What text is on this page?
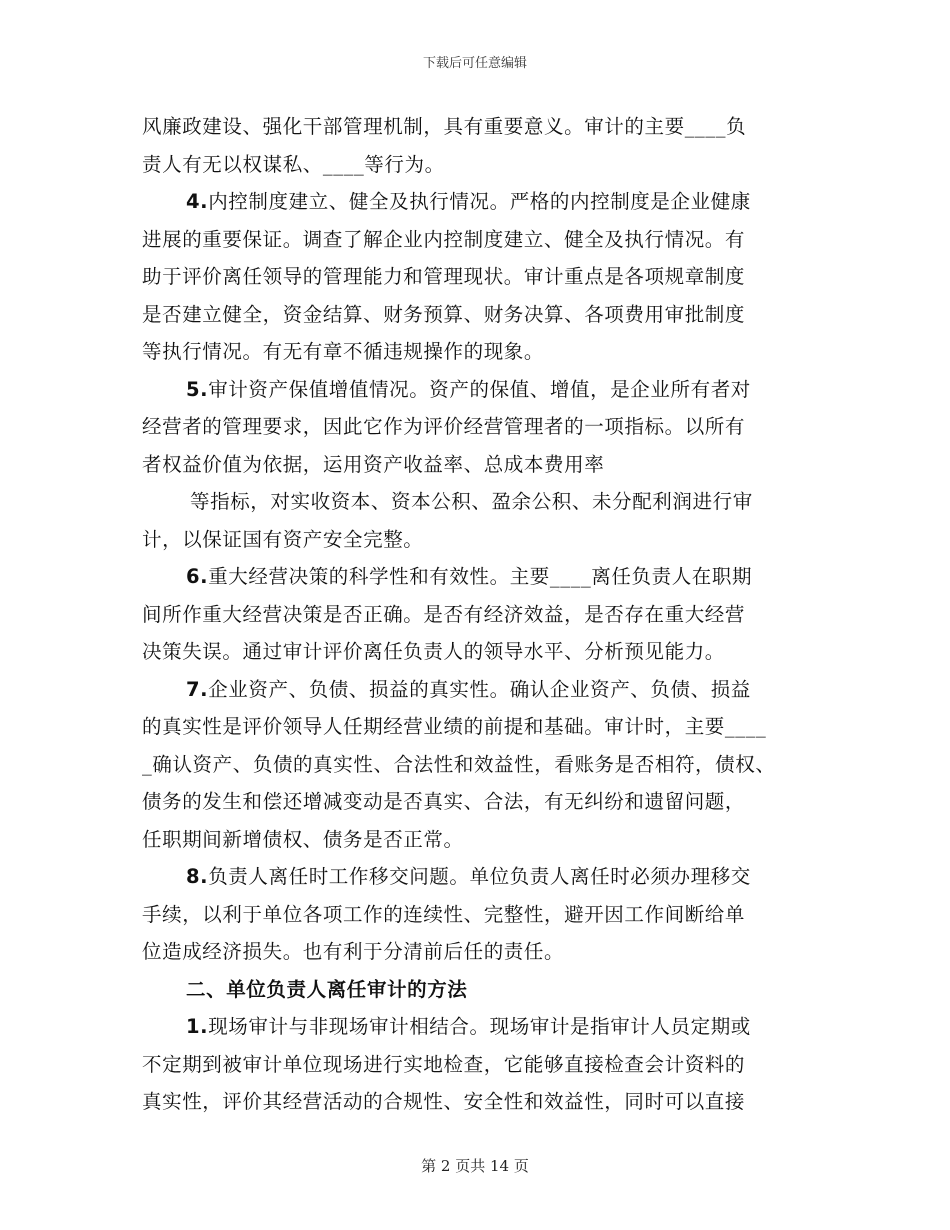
下载后可任意编辑
风廉政建设、强化干部管理机制，具有重要意义。审计的主要____负
责人有无以权谋私、____等行为。
4.内控制度建立、健全及执行情况。严格的内控制度是企业健康
进展的重要保证。调查了解企业内控制度建立、健全及执行情况。有
助于评价离任领导的管理能力和管理现状。审计重点是各项规章制度
是否建立健全，资金结算、财务预算、财务决算、各项费用审批制度
等执行情况。有无有章不循违规操作的现象。
5.审计资产保值增值情况。资产的保值、增值，是企业所有者对
经营者的管理要求，因此它作为评价经营管理者的一项指标。以所有
者权益价值为依据，运用资产收益率、总成本费用率
等指标，对实收资本、资本公积、盈余公积、未分配利润进行审
计，以保证国有资产安全完整。
6.重大经营决策的科学性和有效性。主要____离任负责人在职期
间所作重大经营决策是否正确。是否有经济效益，是否存在重大经营
决策失误。通过审计评价离任负责人的领导水平、分析预见能力。
7.企业资产、负债、损益的真实性。确认企业资产、负债、损益
的真实性是评价领导人任期经营业绩的前提和基础。审计时，主要____
_确认资产、负债的真实性、合法性和效益性，看账务是否相符，债权、
债务的发生和偿还增减变动是否真实、合法，有无纠纷和遗留问题，
任职期间新增债权、债务是否正常。
8.负责人离任时工作移交问题。单位负责人离任时必须办理移交
手续，以利于单位各项工作的连续性、完整性，避开因工作间断给单
位造成经济损失。也有利于分清前后任的责任。
二、单位负责人离任审计的方法
1.现场审计与非现场审计相结合。现场审计是指审计人员定期或
不定期到被审计单位现场进行实地检查，它能够直接检查会计资料的
真实性，评价其经营活动的合规性、安全性和效益性，同时可以直接
第 2 页共 14 页
